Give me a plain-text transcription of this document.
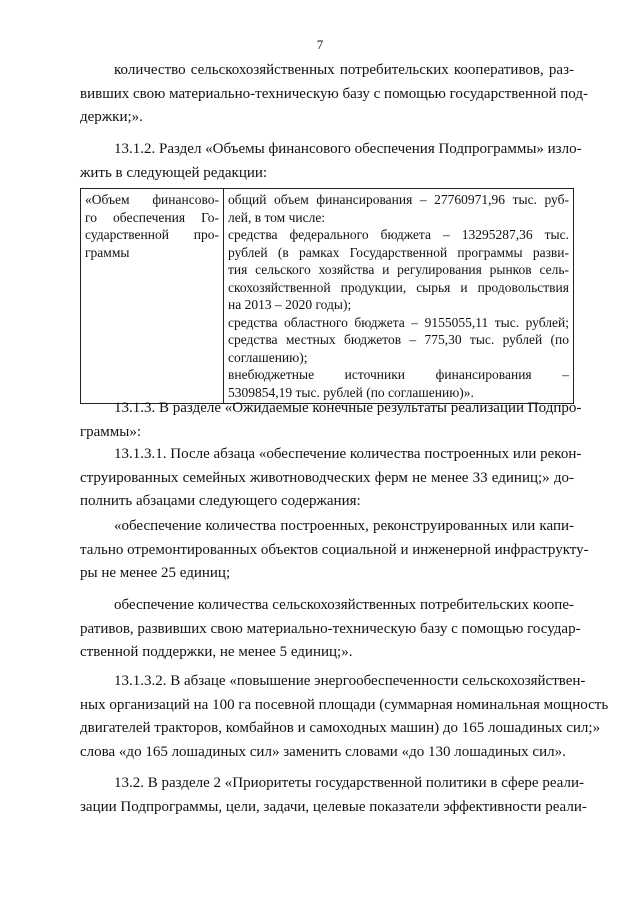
7
количество сельскохозяйственных потребительских кооперативов, раз-
вивших свою материально-техническую базу с помощью государственной под-
держки;».
13.1.2. Раздел «Объемы финансового обеспечения Подпрограммы» изло-
жить в следующей редакции:
«Объем финансово-
го обеспечения Го-
сударственной про-
граммы

общий объем финансирования – 27760971,96 тыс. руб-
лей, в том числе:
средства федерального бюджета – 13295287,36 тыс.
рублей (в рамках Государственной программы разви-
тия сельского хозяйства и регулирования рынков сель-
скохозяйственной продукции, сырья и продовольствия
на 2013 – 2020 годы);
средства областного бюджета – 9155055,11 тыс. рублей;
средства местных бюджетов – 775,30 тыс. рублей (по
соглашению);
внебюджетные источники финансирования –
5309854,19 тыс. рублей (по соглашению)».
13.1.3. В разделе «Ожидаемые конечные результаты реализации Подпро-
граммы»:
13.1.3.1. После абзаца «обеспечение количества построенных или рекон-
струированных семейных животноводческих ферм не менее 33 единиц;» до-
полнить абзацами следующего содержания:
«обеспечение количества построенных, реконструированных или капи-
тально отремонтированных объектов социальной и инженерной инфраструкту-
ры не менее 25 единиц;
обеспечение количества сельскохозяйственных потребительских коопе-
ративов, развивших свою материально-техническую базу с помощью государ-
ственной поддержки, не менее 5 единиц;».
13.1.3.2. В абзаце «повышение энергообеспеченности сельскохозяйствен-
ных организаций на 100 га посевной площади (суммарная номинальная мощность
двигателей тракторов, комбайнов и самоходных машин) до 165 лошадиных сил;»
слова «до 165 лошадиных сил» заменить словами «до 130 лошадиных сил».
13.2. В разделе 2 «Приоритеты государственной политики в сфере реали-
зации Подпрограммы, цели, задачи, целевые показатели эффективности реали-
